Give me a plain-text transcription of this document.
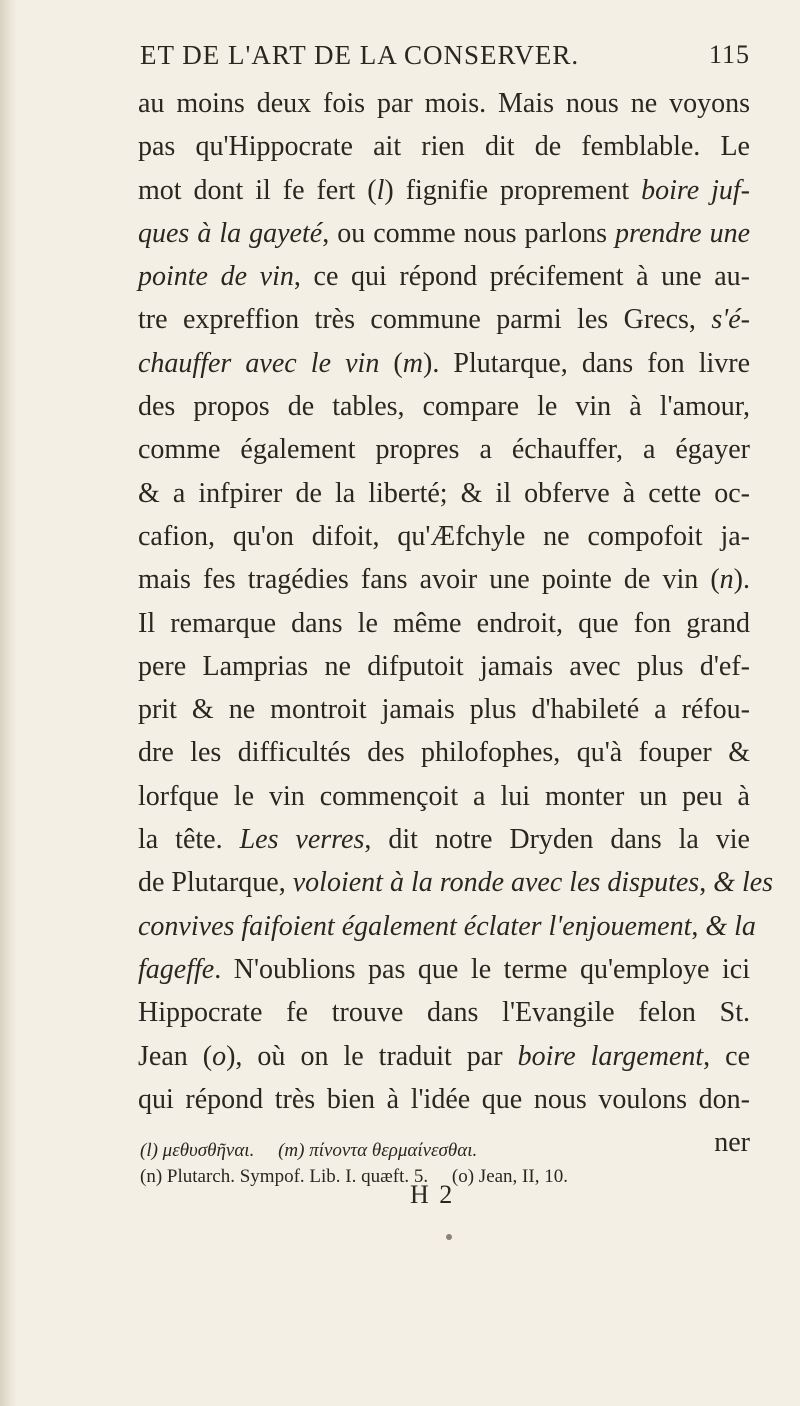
ET DE L'ART DE LA CONSERVER.	115
au moins deux fois par mois. Mais nous ne voyons
pas qu'Hippocrate ait rien dit de femblable. Le
mot dont il fe fert (l) fignifie proprement boire juf-
ques à la gayeté, ou comme nous parlons prendre une
pointe de vin, ce qui répond précifement à une au-
tre expreffion très commune parmi les Grecs, s'é-
chauffer avec le vin (m). Plutarque, dans fon livre
des propos de tables, compare le vin à l'amour,
comme également propres a échauffer, a égayer
& a infpirer de la liberté; & il obferve à cette oc-
cafion, qu'on difoit, qu'Æfchyle ne compofoit ja-
mais fes tragédies fans avoir une pointe de vin (n).
Il remarque dans le même endroit, que fon grand
pere Lamprias ne difputoit jamais avec plus d'ef-
prit & ne montroit jamais plus d'habileté a réfou-
dre les difficultés des philofophes, qu'à fouper &
lorfque le vin commençoit a lui monter un peu à
la tête. Les verres, dit notre Dryden dans la vie
de Plutarque, voloient à la ronde avec les disputes, & les
convives faifoient également éclater l'enjouement, & la
fageffe. N'oublions pas que le terme qu'employe ici
Hippocrate fe trouve dans l'Evangile felon St.
Jean (o), où on le traduit par boire largement, ce
qui répond très bien à l'idée que nous voulons don-
ner
(l) μεθυσθῆναι. (m) πίνοντα θερμαίνεσθαι.
(n) Plutarch. Sympof. Lib. I. quæft. 5. (o) Jean, II, 10.
H 2
